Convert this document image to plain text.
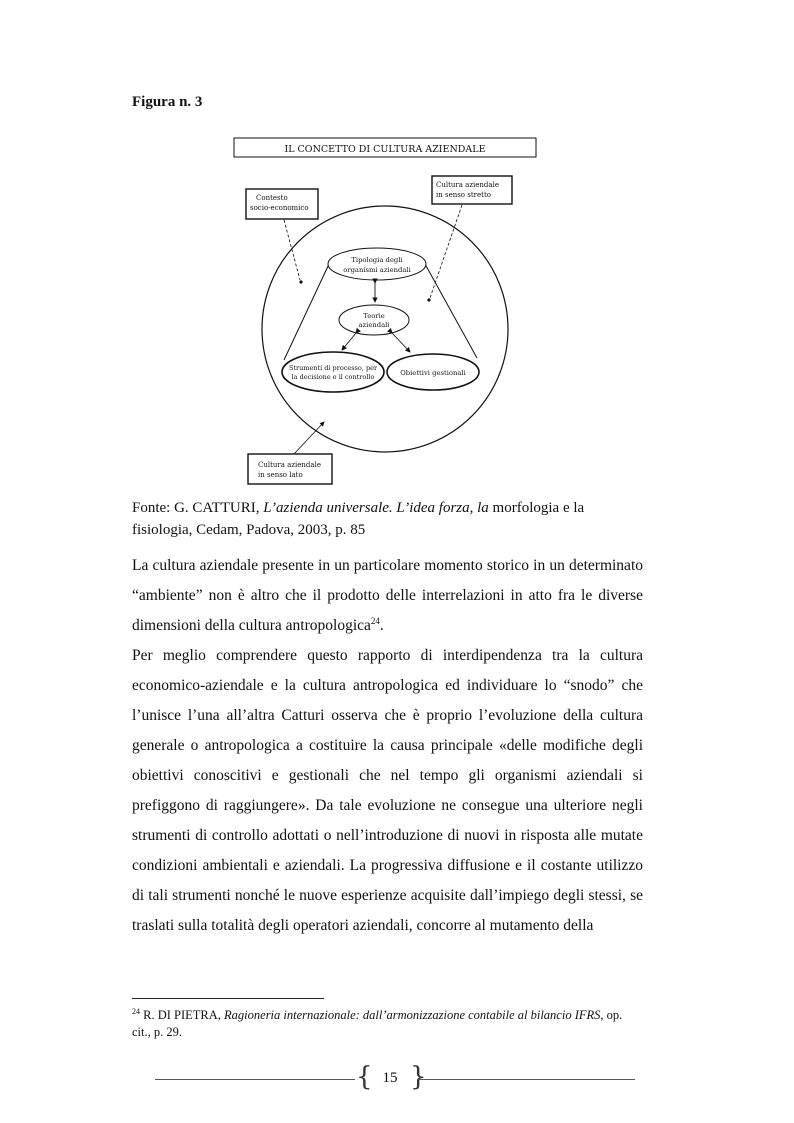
Figura n. 3
IL CONCETTO DI CULTURA AZIENDALE
Contesto
socio-economico
Cultura aziendale
in senso stretto
Cultura aziendale
in senso lato
Tipologia degli
organismi aziendali
Teorie
aziendali
Strumenti di processo, per
la decisione e il controllo	Obiettivi gestionali
Fonte: G. CATTURI, L’azienda universale. L’idea forza, la morfologia e la fisiologia, Cedam, Padova, 2003, p. 85

La cultura aziendale presente in un particolare momento storico in un determinato “ambiente” non è altro che il prodotto delle interrelazioni in atto fra le diverse dimensioni della cultura antropologica$^{24}$.

Per meglio comprendere questo rapporto di interdipendenza tra la cultura economico-aziendale e la cultura antropologica ed individuare lo “snodo” che l’unisce l’una all’altra Catturi osserva che è proprio l’evoluzione della cultura generale o antropologica a costituire la causa principale «delle modifiche degli obiettivi conoscitivi e gestionali che nel tempo gli organismi aziendali si prefiggono di raggiungere». Da tale evoluzione ne consegue una ulteriore negli strumenti di controllo adottati o nell’introduzione di nuovi in risposta alle mutate condizioni ambientali e aziendali. La progressiva diffusione e il costante utilizzo di tali strumenti nonché le nuove esperienze acquisite dall’impiego degli stessi, se traslati sulla totalità degli operatori aziendali, concorre al mutamento della

$^{24}$ R. DI PIETRA, Ragioneria internazionale: dall’armonizzazione contabile al bilancio IFRS, op. cit., p. 29.
{ 15 }
